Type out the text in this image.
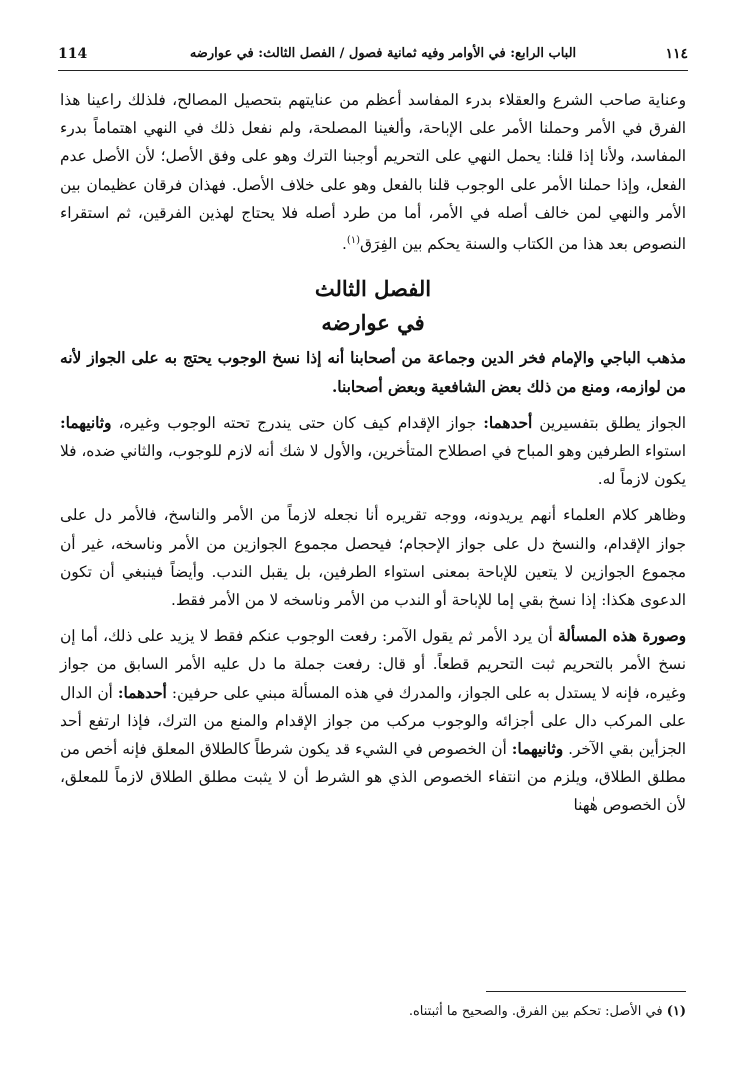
114	الباب الرابع: في الأوامر وفيه ثمانية فصول / الفصل الثالث: في عوارضه	١١٤

وعناية صاحب الشرع والعقلاء بدرء المفاسد أعظم من عنايتهم بتحصيل المصالح، فلذلك راعينا هذا الفرق في الأمر وحملنا الأمر على الإباحة، وألغينا المصلحة، ولم نفعل ذلك في النهي اهتماماً بدرء المفاسد، ولأنا إذا قلنا: يحمل النهي على التحريم أوجبنا الترك وهو على وفق الأصل؛ لأن الأصل عدم الفعل، وإذا حملنا الأمر على الوجوب قلنا بالفعل وهو على خلاف الأصل. فهذان فرقان عظيمان بين الأمر والنهي لمن خالف أصله في الأمر، أما من طرد أصله فلا يحتاج لهذين الفرقين، ثم استقراء النصوص بعد هذا من الكتاب والسنة يحكم بين الفِرَق$^{(١)}$.

الفصل الثالث
في عوارضه

مذهب الباجي والإمام فخر الدين وجماعة من أصحابنا أنه إذا نسخ الوجوب يحتج به على الجواز لأنه من لوازمه، ومنع من ذلك بعض الشافعية وبعض أصحابنا.

الجواز يطلق بتفسيرين أحدهما: جواز الإقدام كيف كان حتى يندرج تحته الوجوب وغيره، وثانيهما: استواء الطرفين وهو المباح في اصطلاح المتأخرين، والأول لا شك أنه لازم للوجوب، والثاني ضده، فلا يكون لازماً له.

وظاهر كلام العلماء أنهم يريدونه، ووجه تقريره أنا نجعله لازماً من الأمر والناسخ، فالأمر دل على جواز الإقدام، والنسخ دل على جواز الإحجام؛ فيحصل مجموع الجوازين من الأمر وناسخه، غير أن مجموع الجوازين لا يتعين للإباحة بمعنى استواء الطرفين، بل يقبل الندب. وأيضاً فينبغي أن تكون الدعوى هكذا: إذا نسخ بقي إما للإباحة أو الندب من الأمر وناسخه لا من الأمر فقط.

وصورة هذه المسألة أن يرد الأمر ثم يقول الآمر: رفعت الوجوب عنكم فقط لا يزيد على ذلك، أما إن نسخ الأمر بالتحريم ثبت التحريم قطعاً. أو قال: رفعت جملة ما دل عليه الأمر السابق من جواز وغيره، فإنه لا يستدل به على الجواز، والمدرك في هذه المسألة مبني على حرفين: أحدهما: أن الدال على المركب دال على أجزائه والوجوب مركب من جواز الإقدام والمنع من الترك، فإذا ارتفع أحد الجزأين بقي الآخر. وثانيهما: أن الخصوص في الشيء قد يكون شرطاً كالطلاق المعلق فإنه أخص من مطلق الطلاق، ويلزم من انتفاء الخصوص الذي هو الشرط أن لا يثبت مطلق الطلاق لازماً للمعلق، لأن الخصوص هٰهنا

(١) في الأصل: تحكم بين الفرق. والصحيح ما أثبتناه.
